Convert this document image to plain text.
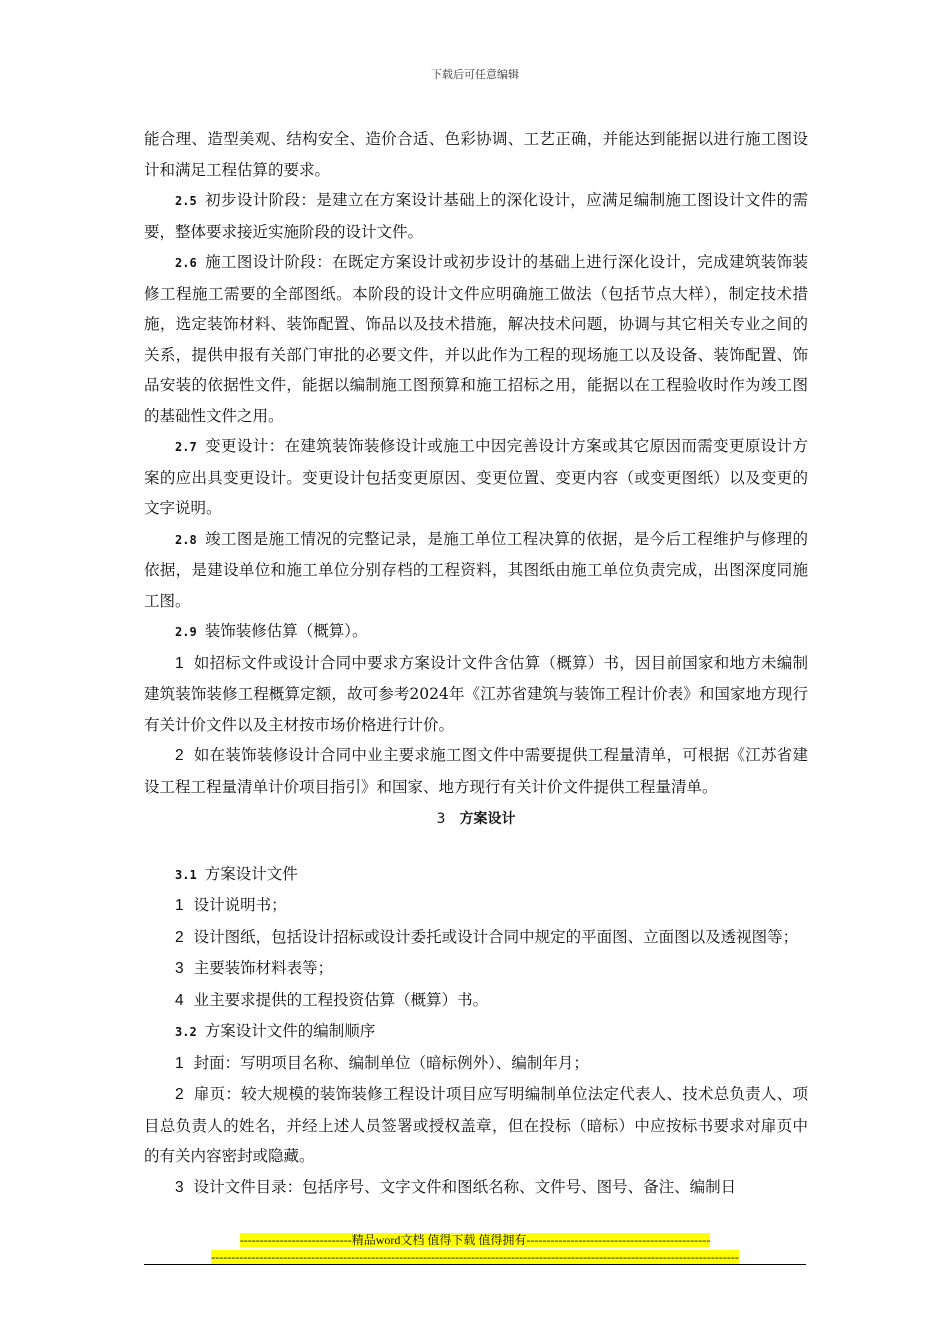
下载后可任意编辑

能合理、造型美观、结构安全、造价合适、色彩协调、工艺正确，并能达到能据以进行施工图设计和满足工程估算的要求。

2.5 初步设计阶段：是建立在方案设计基础上的深化设计，应满足编制施工图设计文件的需要，整体要求接近实施阶段的设计文件。

2.6 施工图设计阶段：在既定方案设计或初步设计的基础上进行深化设计，完成建筑装饰装修工程施工需要的全部图纸。本阶段的设计文件应明确施工做法（包括节点大样），制定技术措施，选定装饰材料、装饰配置、饰品以及技术措施，解决技术问题，协调与其它相关专业之间的关系，提供申报有关部门审批的必要文件，并以此作为工程的现场施工以及设备、装饰配置、饰品安装的依据性文件，能据以编制施工图预算和施工招标之用，能据以在工程验收时作为竣工图的基础性文件之用。

2.7 变更设计：在建筑装饰装修设计或施工中因完善设计方案或其它原因而需变更原设计方案的应出具变更设计。变更设计包括变更原因、变更位置、变更内容（或变更图纸）以及变更的文字说明。

2.8 竣工图是施工情况的完整记录，是施工单位工程决算的依据，是今后工程维护与修理的依据，是建设单位和施工单位分别存档的工程资料，其图纸由施工单位负责完成，出图深度同施工图。

2.9 装饰装修估算（概算）。

1 如招标文件或设计合同中要求方案设计文件含估算（概算）书，因目前国家和地方未编制建筑装饰装修工程概算定额，故可参考2024年《江苏省建筑与装饰工程计价表》和国家地方现行有关计价文件以及主材按市场价格进行计价。

2 如在装饰装修设计合同中业主要求施工图文件中需要提供工程量清单，可根据《江苏省建设工程工程量清单计价项目指引》和国家、地方现行有关计价文件提供工程量清单。

3 方案设计

3.1 方案设计文件

1 设计说明书；

2 设计图纸，包括设计招标或设计委托或设计合同中规定的平面图、立面图以及透视图等；

3 主要装饰材料表等；

4 业主要求提供的工程投资估算（概算）书。

3.2 方案设计文件的编制顺序

1 封面：写明项目名称、编制单位（暗标例外）、编制年月；

2 扉页：较大规模的装饰装修工程设计项目应写明编制单位法定代表人、技术总负责人、项目总负责人的姓名，并经上述人员签署或授权盖章，但在投标（暗标）中应按标书要求对扉页中的有关内容密封或隐藏。

3 设计文件目录：包括序号、文字文件和图纸名称、文件号、图号、备注、编制日

----------------------------精品word文档 值得下载 值得拥有----------------------------------------------
------------------------------------------------------------------------------------------------------------------------------------
